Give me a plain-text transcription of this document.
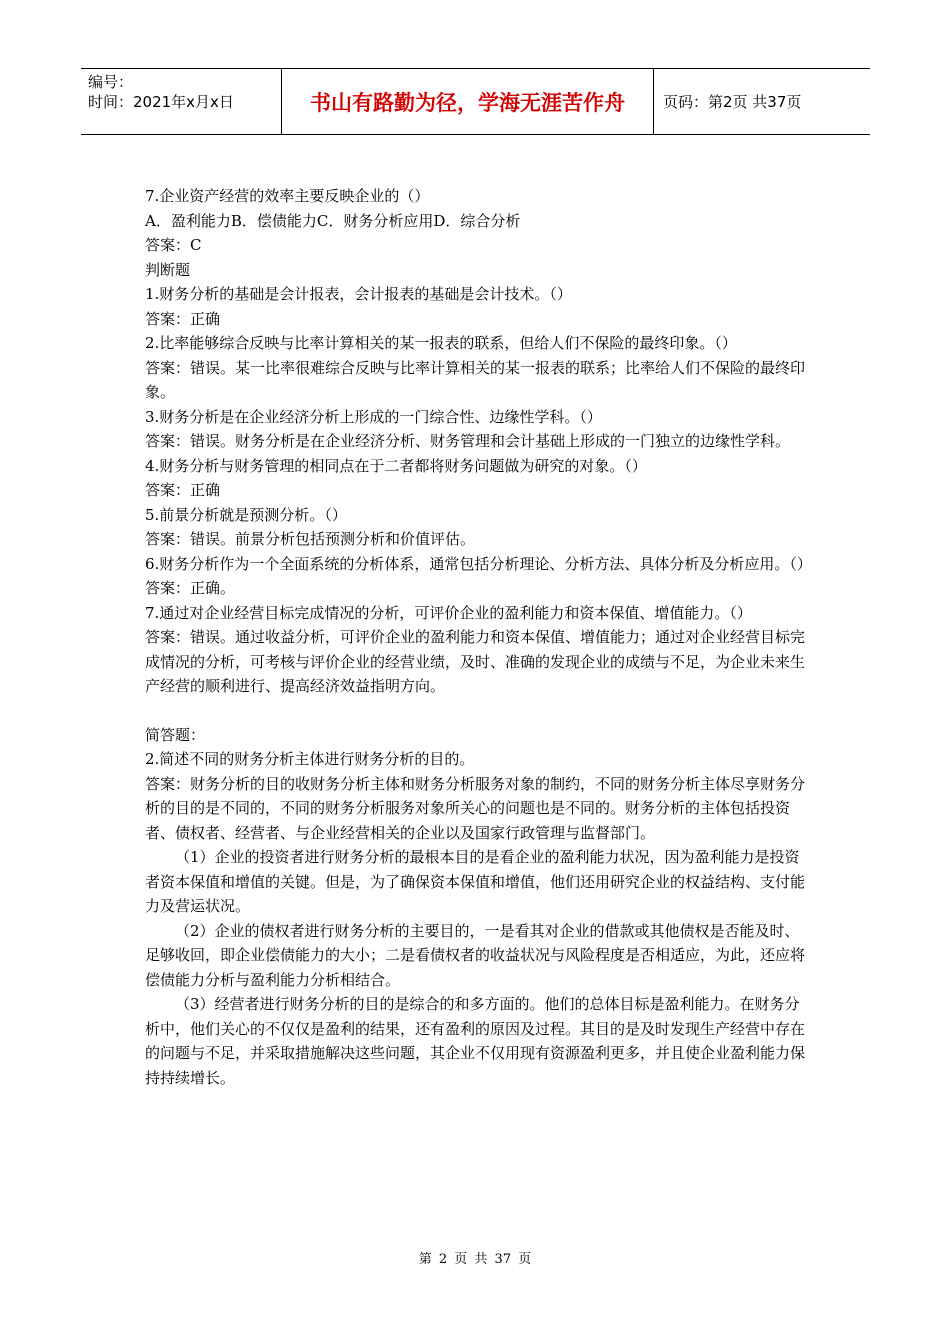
编号：
时间：2021年x月x日	书山有路勤为径，学海无涯苦作舟	页码：第2页 共37页

7.企业资产经营的效率主要反映企业的（）

A．盈利能力B．偿债能力C．财务分析应用D．综合分析

答案：C

判断题

1.财务分析的基础是会计报表，会计报表的基础是会计技术。（）

答案：正确

2.比率能够综合反映与比率计算相关的某一报表的联系，但给人们不保险的最终印象。（）

答案：错误。某一比率很难综合反映与比率计算相关的某一报表的联系；比率给人们不保险的最终印象。

3.财务分析是在企业经济分析上形成的一门综合性、边缘性学科。（）

答案：错误。财务分析是在企业经济分析、财务管理和会计基础上形成的一门独立的边缘性学科。

4.财务分析与财务管理的相同点在于二者都将财务问题做为研究的对象。（）

答案：正确

5.前景分析就是预测分析。（）

答案：错误。前景分析包括预测分析和价值评估。

6.财务分析作为一个全面系统的分析体系，通常包括分析理论、分析方法、具体分析及分析应用。（）

答案：正确。

7.通过对企业经营目标完成情况的分析，可评价企业的盈利能力和资本保值、增值能力。（）

答案：错误。通过收益分析，可评价企业的盈利能力和资本保值、增值能力；通过对企业经营目标完成情况的分析，可考核与评价企业的经营业绩，及时、准确的发现企业的成绩与不足，为企业未来生产经营的顺利进行、提高经济效益指明方向。

简答题：

2.简述不同的财务分析主体进行财务分析的目的。

答案：财务分析的目的收财务分析主体和财务分析服务对象的制约，不同的财务分析主体尽享财务分析的目的是不同的，不同的财务分析服务对象所关心的问题也是不同的。财务分析的主体包括投资者、债权者、经营者、与企业经营相关的企业以及国家行政管理与监督部门。

（1）企业的投资者进行财务分析的最根本目的是看企业的盈利能力状况，因为盈利能力是投资者资本保值和增值的关键。但是，为了确保资本保值和增值，他们还用研究企业的权益结构、支付能力及营运状况。

（2）企业的债权者进行财务分析的主要目的，一是看其对企业的借款或其他债权是否能及时、足够收回，即企业偿债能力的大小；二是看债权者的收益状况与风险程度是否相适应，为此，还应将偿债能力分析与盈利能力分析相结合。

（3）经营者进行财务分析的目的是综合的和多方面的。他们的总体目标是盈利能力。在财务分析中，他们关心的不仅仅是盈利的结果，还有盈利的原因及过程。其目的是及时发现生产经营中存在的问题与不足，并采取措施解决这些问题，其企业不仅用现有资源盈利更多，并且使企业盈利能力保持持续增长。

第 2 页 共 37 页
